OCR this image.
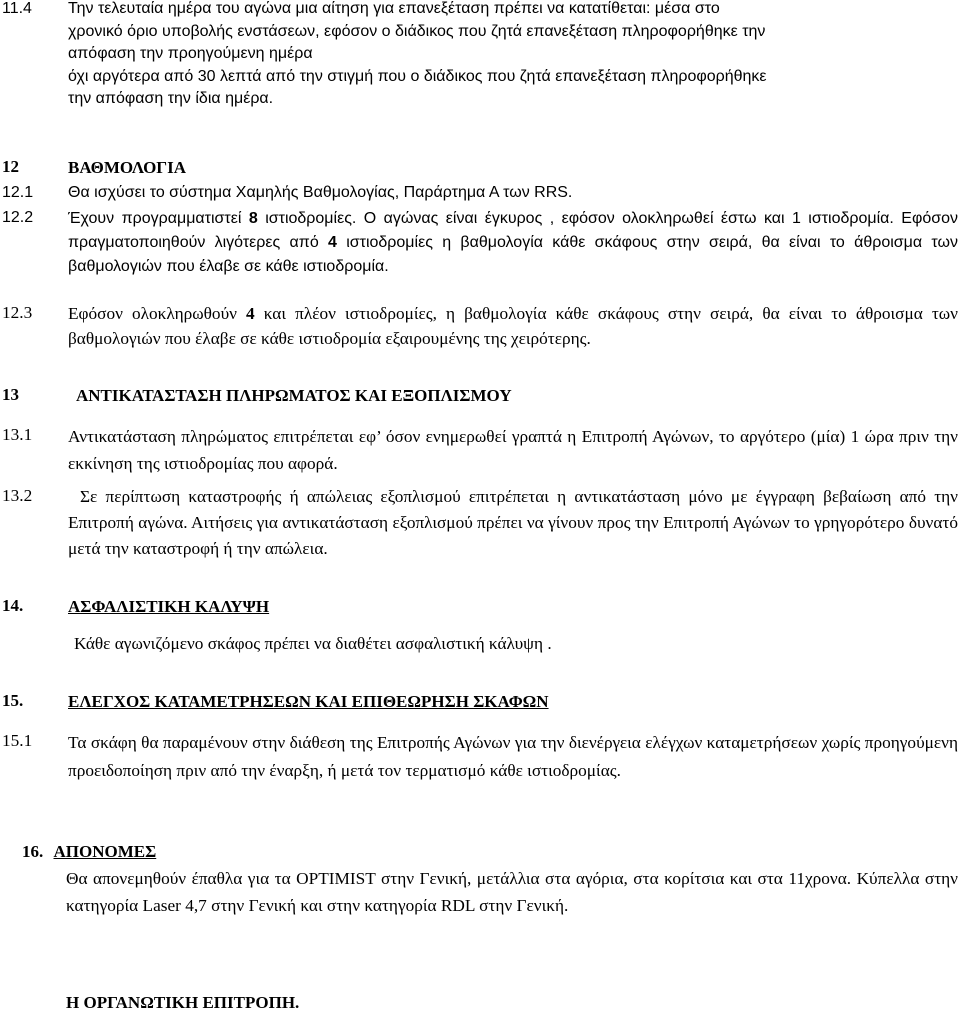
11.4	Την τελευταία ημέρα του αγώνα μια αίτηση για επανεξέταση πρέπει να κατατίθεται: μέσα στο
χρονικό όριο υποβολής ενστάσεων, εφόσον ο διάδικος που ζητά επανεξέταση πληροφορήθηκε την
απόφαση την προηγούμενη ημέρα
όχι αργότερα από 30 λεπτά από την στιγμή που ο διάδικος που ζητά επανεξέταση πληροφορήθηκε
την απόφαση την ίδια ημέρα.
12	ΒΑΘΜΟΛΟΓΙΑ
12.1	Θα ισχύσει το σύστημα Χαμηλής Βαθμολογίας, Παράρτημα Α των RRS.
12.2	Έχουν προγραμματιστεί 8 ιστιοδρομίες. Ο αγώνας είναι έγκυρος , εφόσον ολοκληρωθεί έστω και 1 ιστιοδρομία. Εφόσον πραγματοποιηθούν λιγότερες από 4 ιστιοδρομίες η βαθμολογία κάθε σκάφους στην σειρά, θα είναι το άθροισμα των βαθμολογιών που έλαβε σε κάθε ιστιοδρομία.
12.3	Εφόσον ολοκληρωθούν 4 και πλέον ιστιοδρομίες, η βαθμολογία κάθε σκάφους στην σειρά, θα είναι το άθροισμα των βαθμολογιών που έλαβε σε κάθε ιστιοδρομία εξαιρουμένης της χειρότερης.
13	ΑΝΤΙΚΑΤΑΣΤΑΣΗ ΠΛΗΡΩΜΑΤΟΣ ΚΑΙ ΕΞΟΠΛΙΣΜΟΥ
13.1	Αντικατάσταση πληρώματος επιτρέπεται εφ’ όσον ενημερωθεί γραπτά η Επιτροπή Αγώνων, το αργότερο (μία) 1 ώρα πριν την εκκίνηση της ιστιοδρομίας που αφορά.
13.2	Σε περίπτωση καταστροφής ή απώλειας εξοπλισμού επιτρέπεται η αντικατάσταση μόνο με έγγραφη βεβαίωση από την Επιτροπή αγώνα. Αιτήσεις για αντικατάσταση εξοπλισμού πρέπει να γίνουν προς την Επιτροπή Αγώνων το γρηγορότερο δυνατό μετά την καταστροφή ή την απώλεια.
14.	ΑΣΦΑΛΙΣΤΙΚΗ ΚΑΛΥΨΗ
Κάθε αγωνιζόμενο σκάφος πρέπει να διαθέτει ασφαλιστική κάλυψη .
15.	ΕΛΕΓΧΟΣ ΚΑΤΑΜΕΤΡΗΣΕΩΝ ΚΑΙ ΕΠΙΘΕΩΡΗΣΗ ΣΚΑΦΩΝ
15.1	Τα σκάφη θα παραμένουν στην διάθεση της Επιτροπής Αγώνων για την διενέργεια ελέγχων καταμετρήσεων χωρίς προηγούμενη προειδοποίηση πριν από την έναρξη, ή μετά τον τερματισμό κάθε ιστιοδρομίας.
16. ΑΠΟΝΟΜΕΣ
Θα απονεμηθούν έπαθλα για τα OPTIMIST στην Γενική, μετάλλια στα αγόρια, στα κορίτσια και στα 11χρονα. Κύπελλα στην κατηγορία Laser 4,7 στην Γενική και στην κατηγορία RDL στην Γενική.
Η ΟΡΓΑΝΩΤΙΚΗ ΕΠΙΤΡΟΠΗ.
